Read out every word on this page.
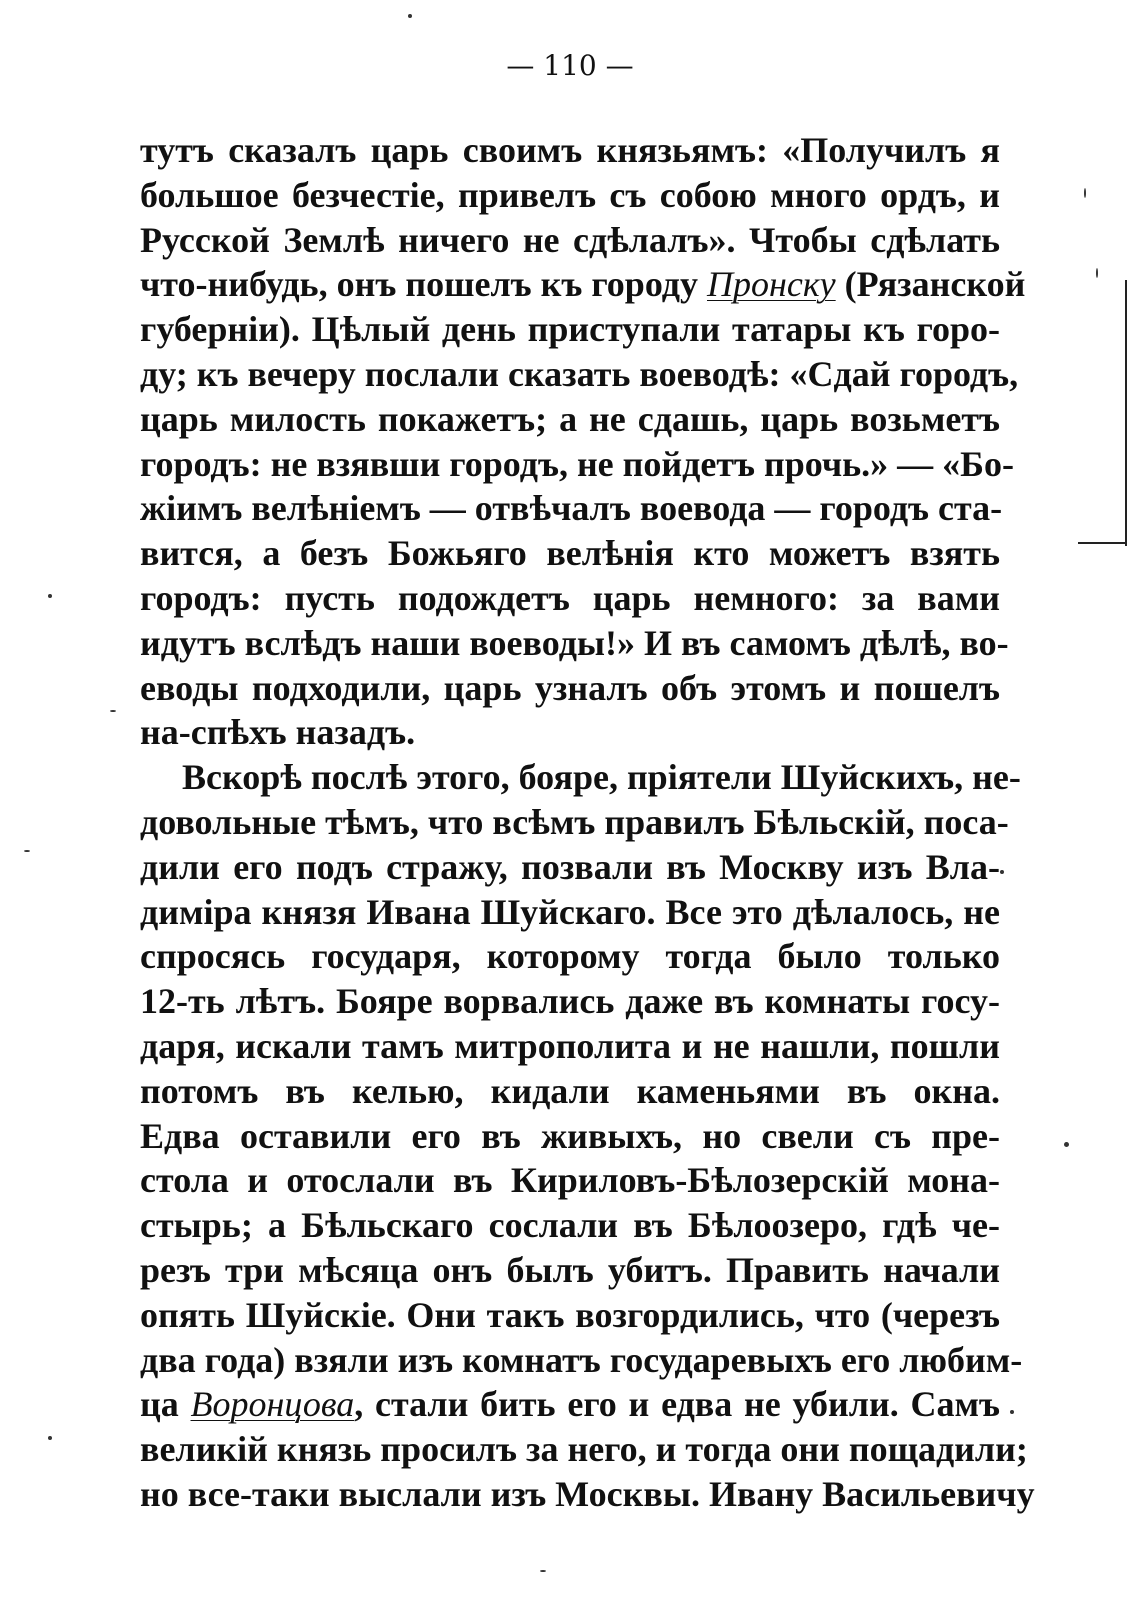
— 110 —
тутъ сказалъ царь своимъ князьямъ: «Получилъ я
большое безчестіе, привелъ съ собою много ордъ, и
Русской Землѣ ничего не сдѣлалъ». Чтобы сдѣлать
что-нибудь, онъ пошелъ къ городу Пронску (Рязанской
губерніи). Цѣлый день приступали татары къ горо-
ду; къ вечеру послали сказать воеводѣ: «Сдай городъ,
царь милость покажетъ; а не сдашь, царь возьметъ
городъ: не взявши городъ, не пойдетъ прочь.» — «Бо-
жіимъ велѣніемъ — отвѣчалъ воевода — городъ ста-
вится, а безъ Божьяго велѣнія кто можетъ взять
городъ: пусть подождетъ царь немного: за вами
идутъ вслѣдъ наши воеводы!» И въ самомъ дѣлѣ, во-
еводы подходили, царь узналъ объ этомъ и пошелъ
на-спѣхъ назадъ.
Вскорѣ послѣ этого, бояре, пріятели Шуйскихъ, не-
довольные тѣмъ, что всѣмъ правилъ Бѣльскій, поса-
дили его подъ стражу, позвали въ Москву изъ Вла-
диміра князя Ивана Шуйскаго. Все это дѣлалось, не
спросясь государя, которому тогда было только
12-ть лѣтъ. Бояре ворвались даже въ комнаты госу-
даря, искали тамъ митрополита и не нашли, пошли
потомъ въ келью, кидали каменьями въ окна.
Едва оставили его въ живыхъ, но свели съ пре-
стола и отослали въ Кириловъ-Бѣлозерскій мона-
стырь; а Бѣльскаго сослали въ Бѣлоозеро, гдѣ че-
резъ три мѣсяца онъ былъ убитъ. Править начали
опять Шуйскіе. Они такъ возгордились, что (черезъ
два года) взяли изъ комнатъ государевыхъ его любим-
ца Воронцова, стали бить его и едва не убили. Самъ
великій князь просилъ за него, и тогда они пощадили;
но все-таки выслали изъ Москвы. Ивану Васильевичу
